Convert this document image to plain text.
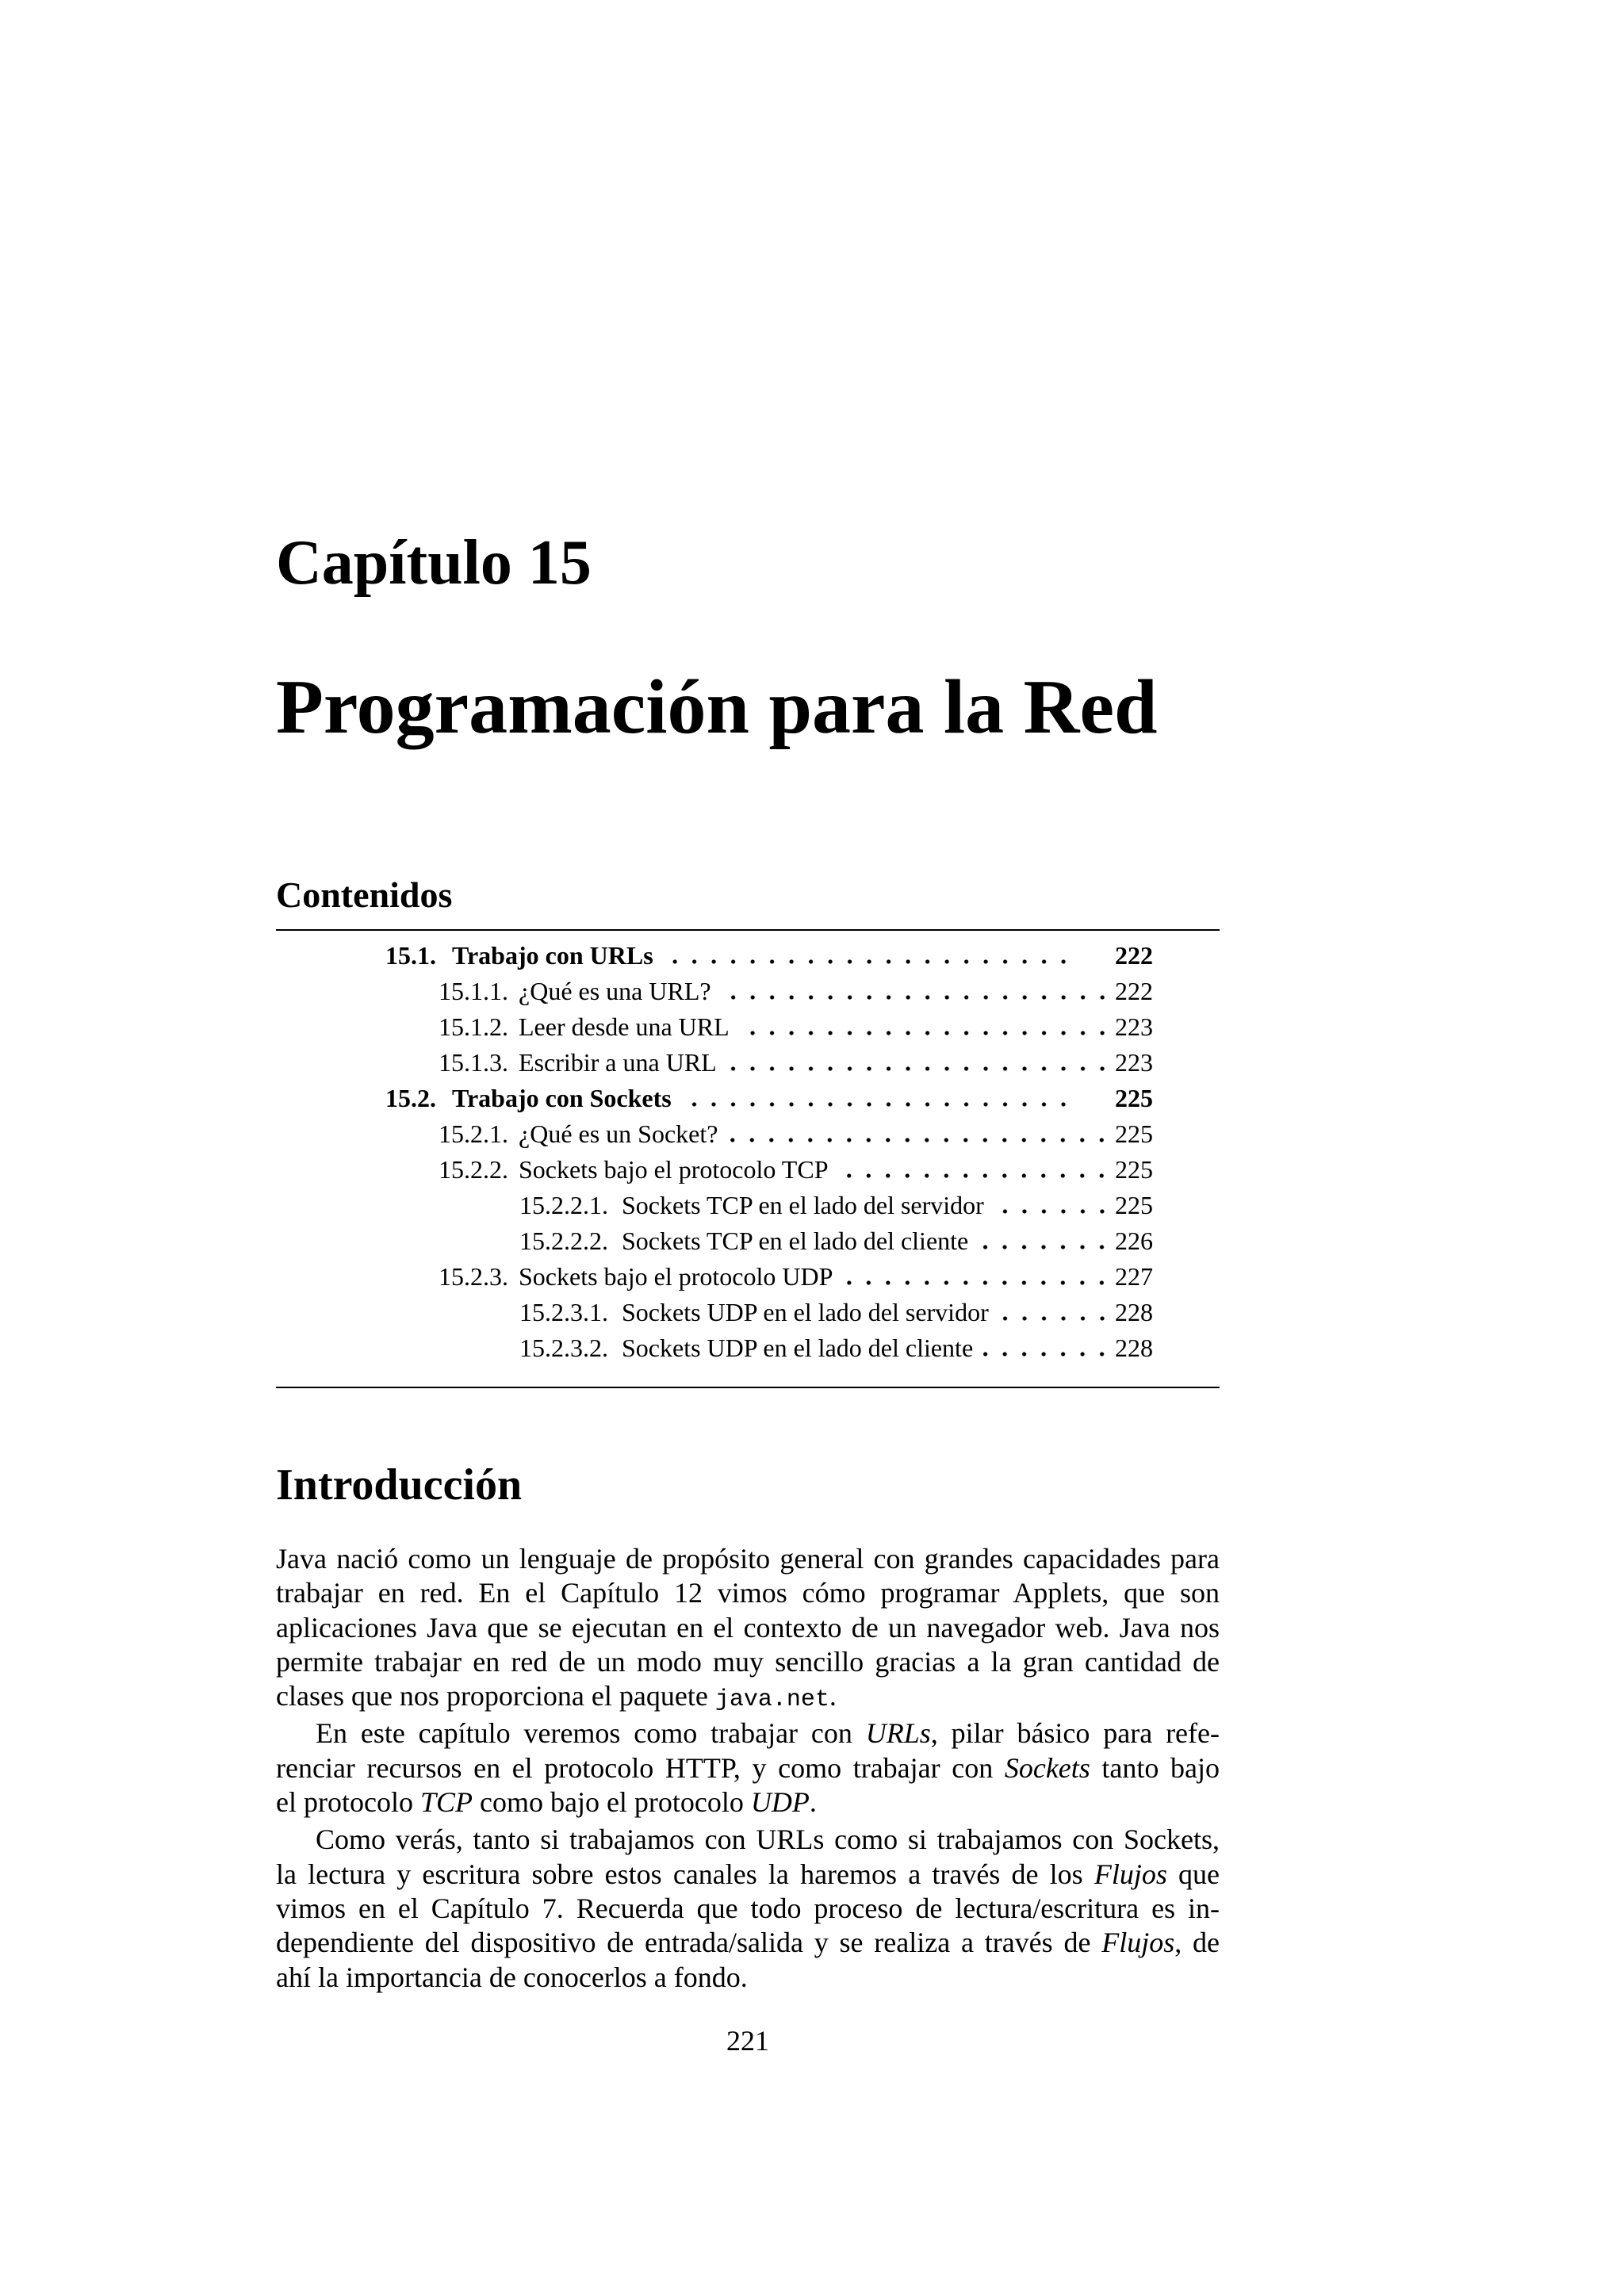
Capítulo 15
Programación para la Red
Contenidos
15.1. Trabajo con URLs	222
15.1.1. ¿Qué es una URL?	222
15.1.2. Leer desde una URL	223
15.1.3. Escribir a una URL	223
15.2. Trabajo con Sockets	225
15.2.1. ¿Qué es un Socket?	225
15.2.2. Sockets bajo el protocolo TCP	225
15.2.2.1. Sockets TCP en el lado del servidor	225
15.2.2.2. Sockets TCP en el lado del cliente	226
15.2.3. Sockets bajo el protocolo UDP	227
15.2.3.1. Sockets UDP en el lado del servidor	228
15.2.3.2. Sockets UDP en el lado del cliente	228
Introducción
Java nació como un lenguaje de propósito general con grandes capacidades para
trabajar en red. En el Capítulo 12 vimos cómo programar Applets, que son
aplicaciones Java que se ejecutan en el contexto de un navegador web. Java nos
permite trabajar en red de un modo muy sencillo gracias a la gran cantidad de
clases que nos proporciona el paquete java.net.
En este capítulo veremos como trabajar con URLs, pilar básico para refe-
renciar recursos en el protocolo HTTP, y como trabajar con Sockets tanto bajo
el protocolo TCP como bajo el protocolo UDP.
Como verás, tanto si trabajamos con URLs como si trabajamos con Sockets,
la lectura y escritura sobre estos canales la haremos a través de los Flujos que
vimos en el Capítulo 7. Recuerda que todo proceso de lectura/escritura es in-
dependiente del dispositivo de entrada/salida y se realiza a través de Flujos, de
ahí la importancia de conocerlos a fondo.
221
